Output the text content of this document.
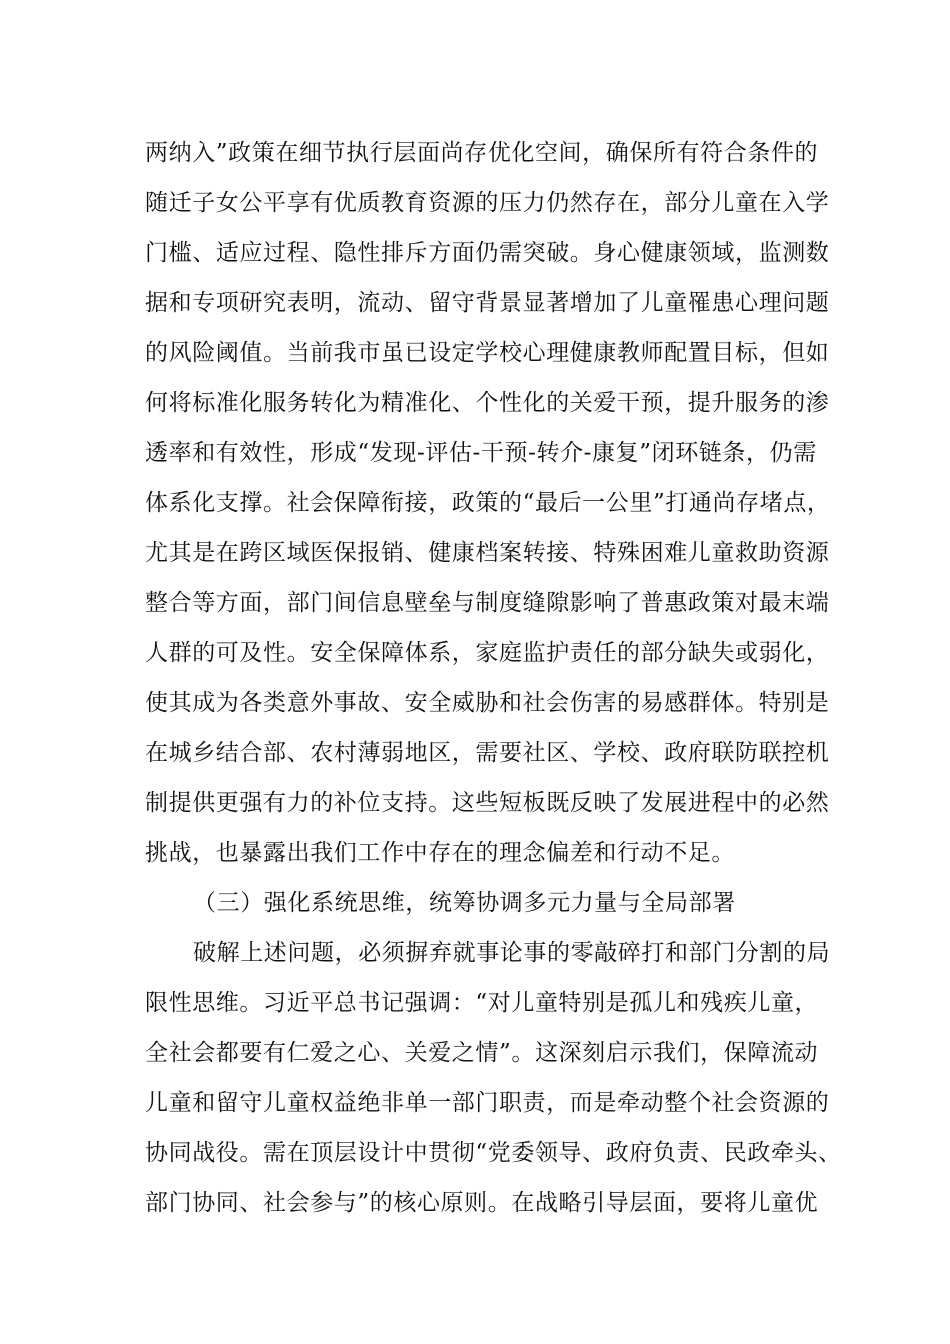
两纳入”政策在细节执行层面尚存优化空间，确保所有符合条件的
随迁子女公平享有优质教育资源的压力仍然存在，部分儿童在入学
门槛、适应过程、隐性排斥方面仍需突破。身心健康领域，监测数
据和专项研究表明，流动、留守背景显著增加了儿童罹患心理问题
的风险阈值。当前我市虽已设定学校心理健康教师配置目标，但如
何将标准化服务转化为精准化、个性化的关爱干预，提升服务的渗
透率和有效性，形成“发现-评估-干预-转介-康复”闭环链条，仍需
体系化支撑。社会保障衔接，政策的“最后一公里”打通尚存堵点，
尤其是在跨区域医保报销、健康档案转接、特殊困难儿童救助资源
整合等方面，部门间信息壁垒与制度缝隙影响了普惠政策对最末端
人群的可及性。安全保障体系，家庭监护责任的部分缺失或弱化，
使其成为各类意外事故、安全威胁和社会伤害的易感群体。特别是
在城乡结合部、农村薄弱地区，需要社区、学校、政府联防联控机
制提供更强有力的补位支持。这些短板既反映了发展进程中的必然
挑战，也暴露出我们工作中存在的理念偏差和行动不足。
（三）强化系统思维，统筹协调多元力量与全局部署
破解上述问题，必须摒弃就事论事的零敲碎打和部门分割的局
限性思维。习近平总书记强调：“对儿童特别是孤儿和残疾儿童，
全社会都要有仁爱之心、关爱之情”。这深刻启示我们，保障流动
儿童和留守儿童权益绝非单一部门职责，而是牵动整个社会资源的
协同战役。需在顶层设计中贯彻“党委领导、政府负责、民政牵头、
部门协同、社会参与”的核心原则。在战略引导层面，要将儿童优
